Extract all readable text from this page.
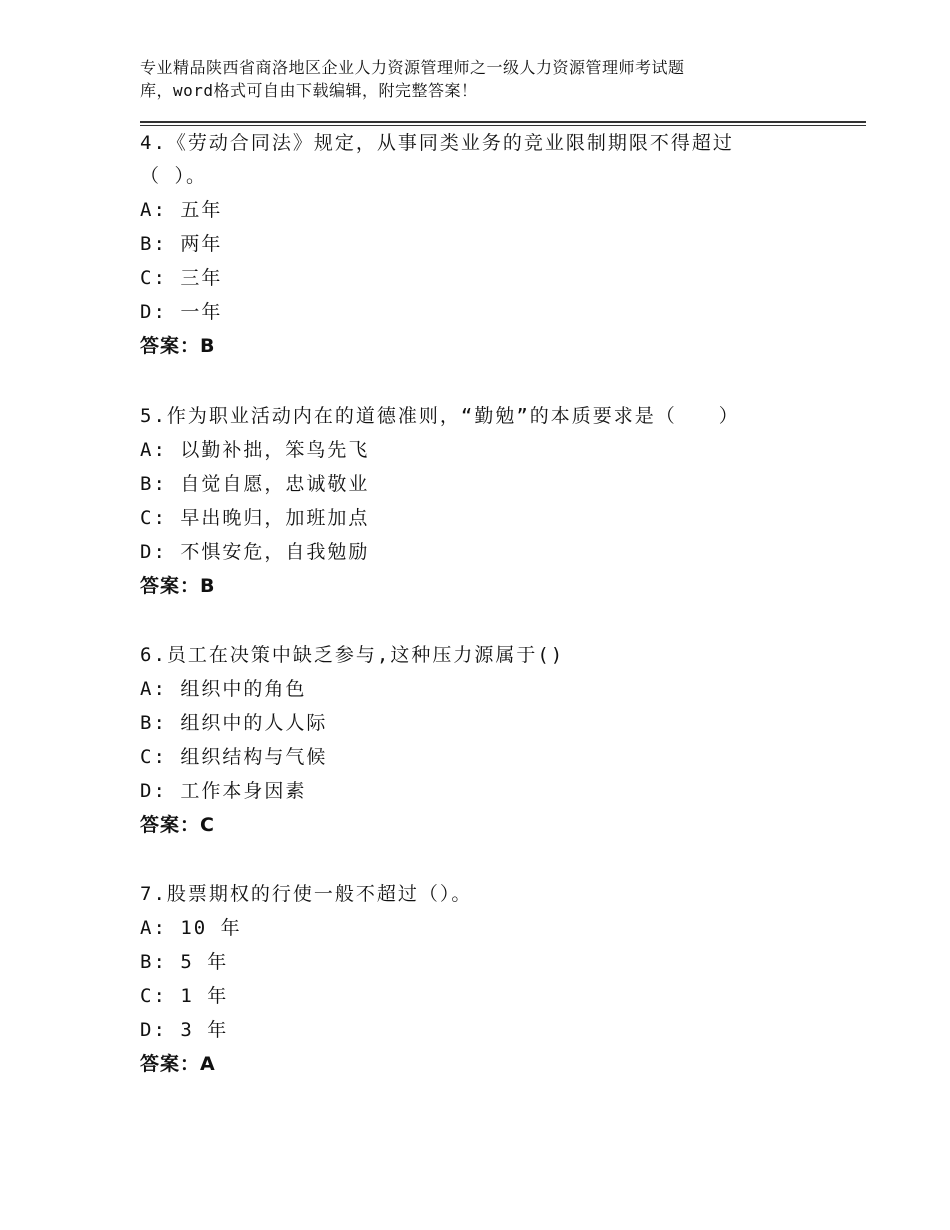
专业精品陕西省商洛地区企业人力资源管理师之一级人力资源管理师考试题
库，word格式可自由下载编辑，附完整答案！
4.《劳动合同法》规定，从事同类业务的竞业限制期限不得超过
（ ）。
A: 五年
B: 两年
C: 三年
D: 一年
答案：B
5.作为职业活动内在的道德准则，“勤勉”的本质要求是（　　）
A: 以勤补拙，笨鸟先飞
B: 自觉自愿，忠诚敬业
C: 早出晚归，加班加点
D: 不惧安危，自我勉励
答案：B
6.员工在决策中缺乏参与,这种压力源属于()
A: 组织中的角色
B: 组织中的人人际
C: 组织结构与气候
D: 工作本身因素
答案：C
7.股票期权的行使一般不超过（）。
A: 10 年
B: 5 年
C: 1 年
D: 3 年
答案：A
